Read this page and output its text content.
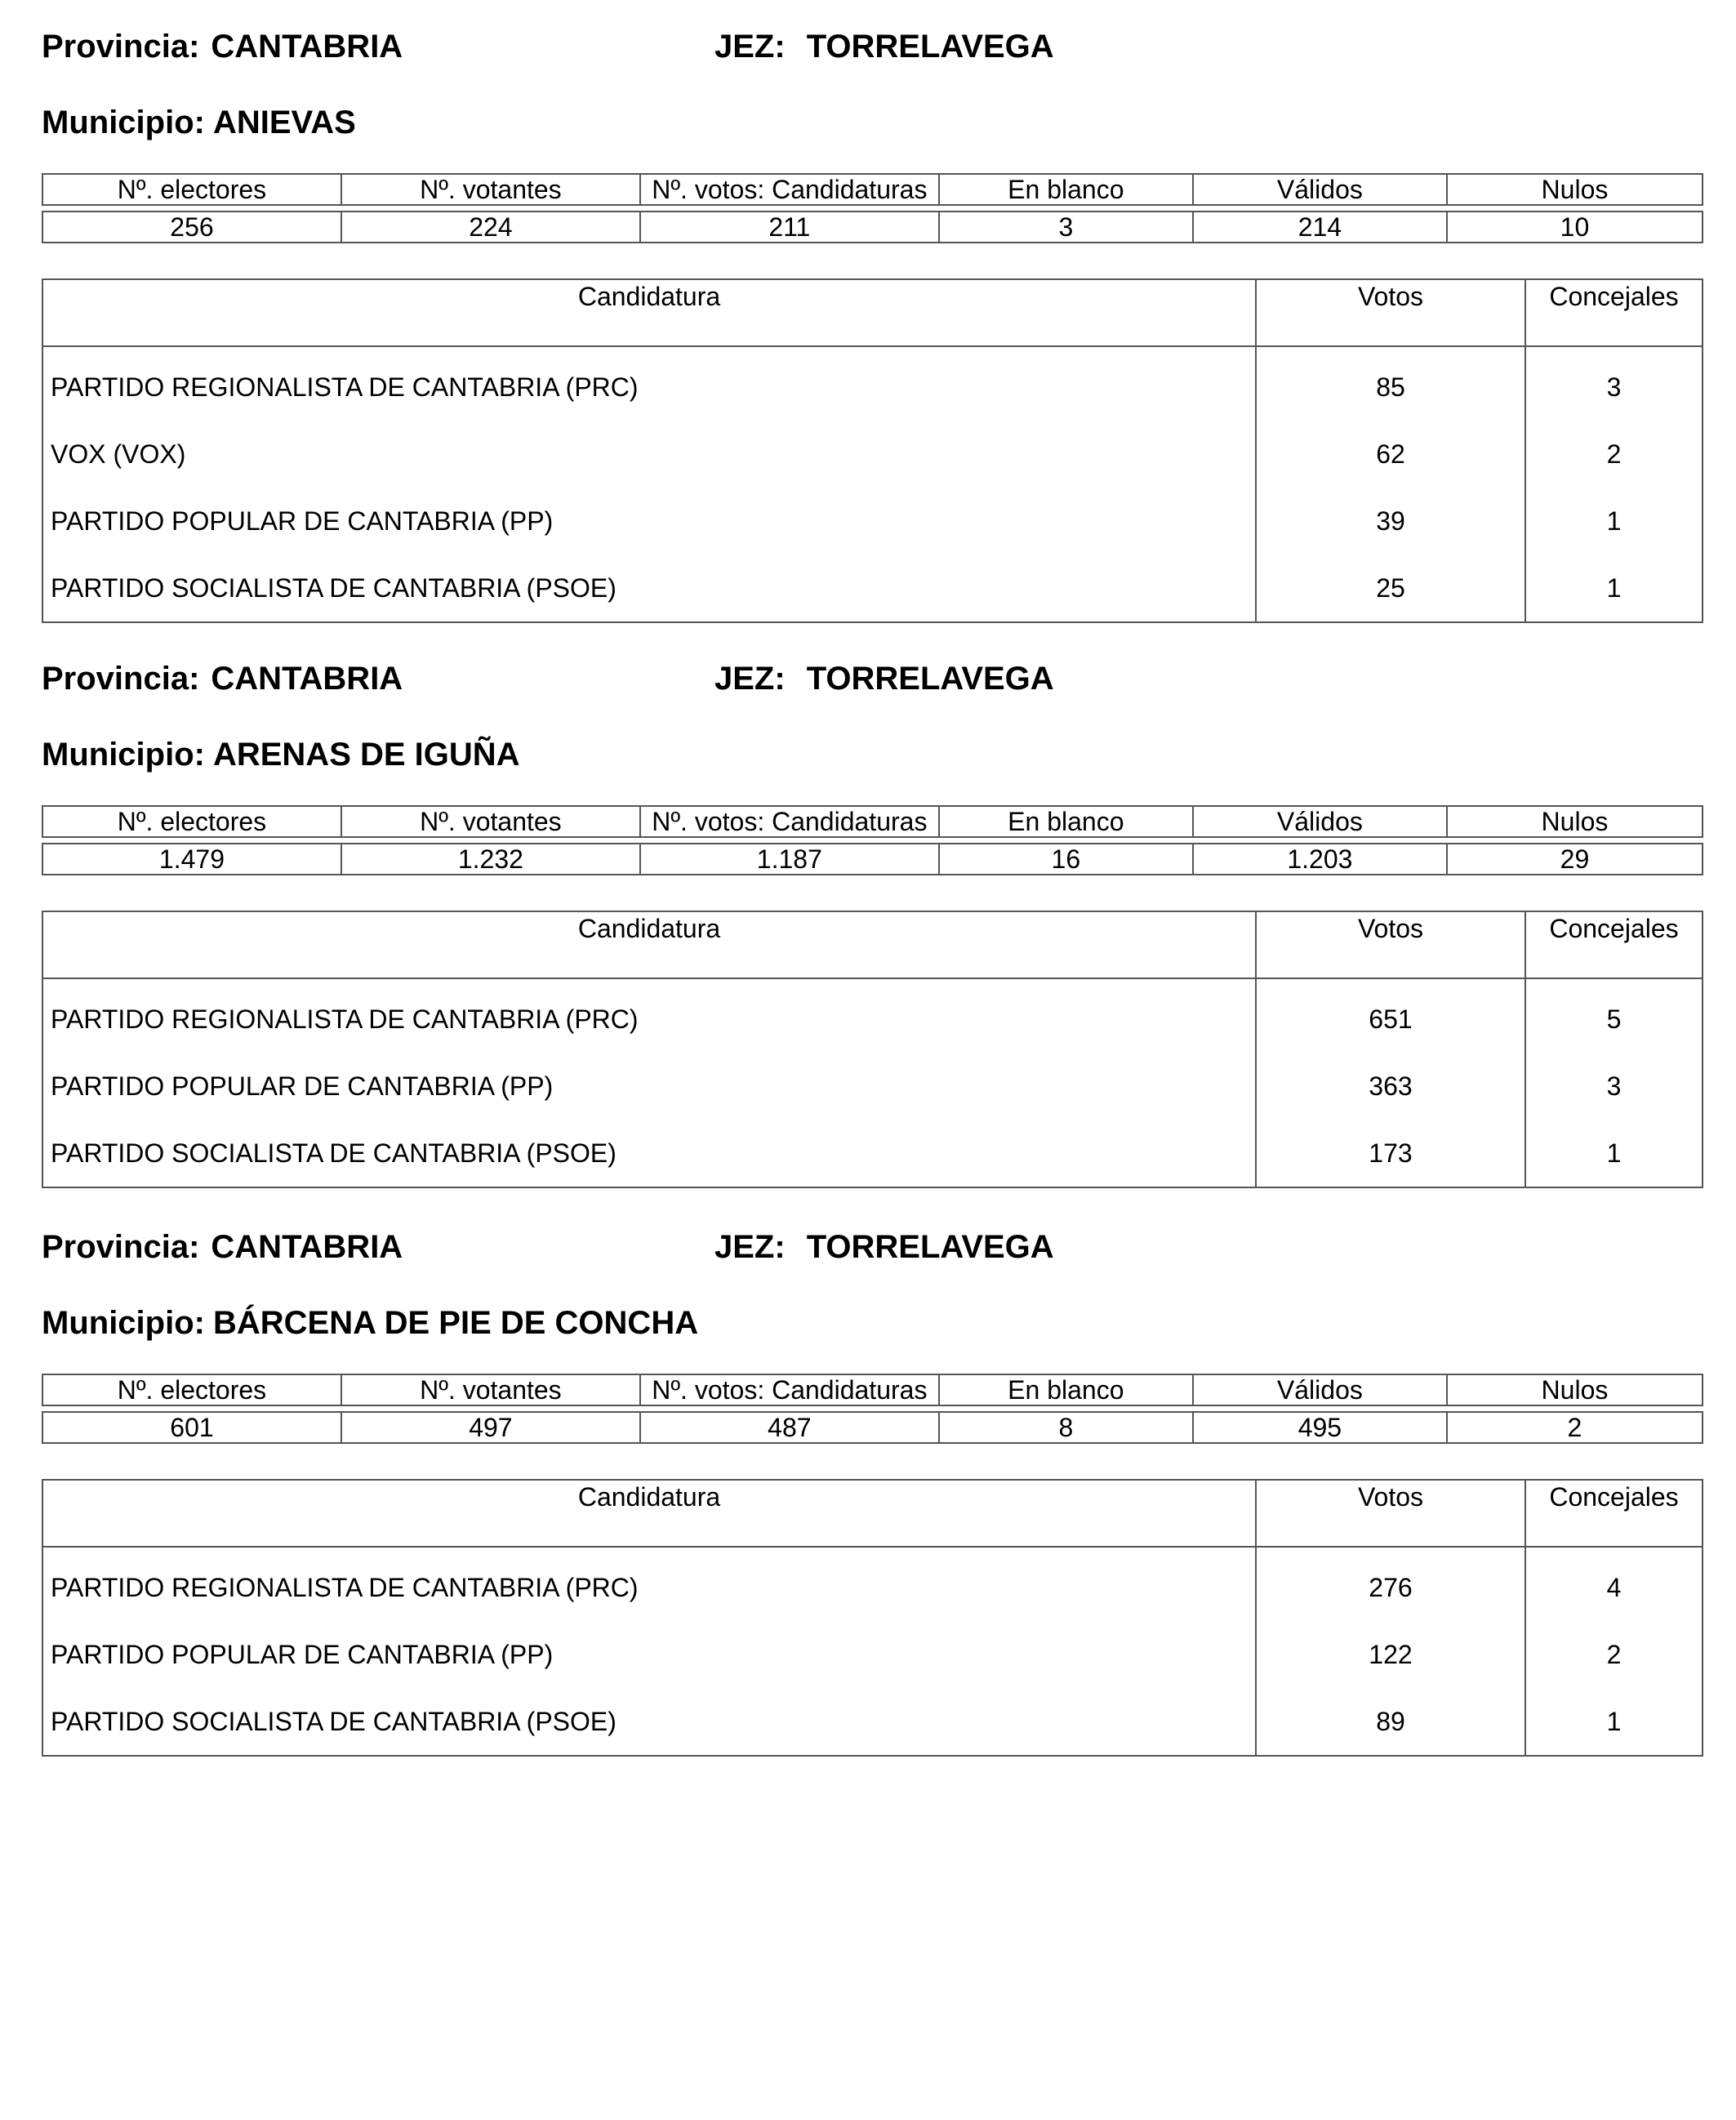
Provincia: CANTABRIA	JEZ: TORRELAVEGA
Municipio: ANIEVAS
Nº. electores	Nº. votantes	Nº. votos: Candidaturas	En blanco	Válidos	Nulos

256	224	211	3	214	10
Candidatura	Votos	Concejales
PARTIDO REGIONALISTA DE CANTABRIA (PRC)	85	3
VOX (VOX)	62	2
PARTIDO POPULAR DE CANTABRIA (PP)	39	1
PARTIDO SOCIALISTA DE CANTABRIA (PSOE)	25	1
Provincia: CANTABRIA	JEZ: TORRELAVEGA
Municipio: ARENAS DE IGUÑA
Nº. electores	Nº. votantes	Nº. votos: Candidaturas	En blanco	Válidos	Nulos

1.479	1.232	1.187	16	1.203	29
Candidatura	Votos	Concejales
PARTIDO REGIONALISTA DE CANTABRIA (PRC)	651	5
PARTIDO POPULAR DE CANTABRIA (PP)	363	3
PARTIDO SOCIALISTA DE CANTABRIA (PSOE)	173	1
Provincia: CANTABRIA	JEZ: TORRELAVEGA
Municipio: BÁRCENA DE PIE DE CONCHA
Nº. electores	Nº. votantes	Nº. votos: Candidaturas	En blanco	Válidos	Nulos

601	497	487	8	495	2
Candidatura	Votos	Concejales
PARTIDO REGIONALISTA DE CANTABRIA (PRC)	276	4
PARTIDO POPULAR DE CANTABRIA (PP)	122	2
PARTIDO SOCIALISTA DE CANTABRIA (PSOE)	89	1
